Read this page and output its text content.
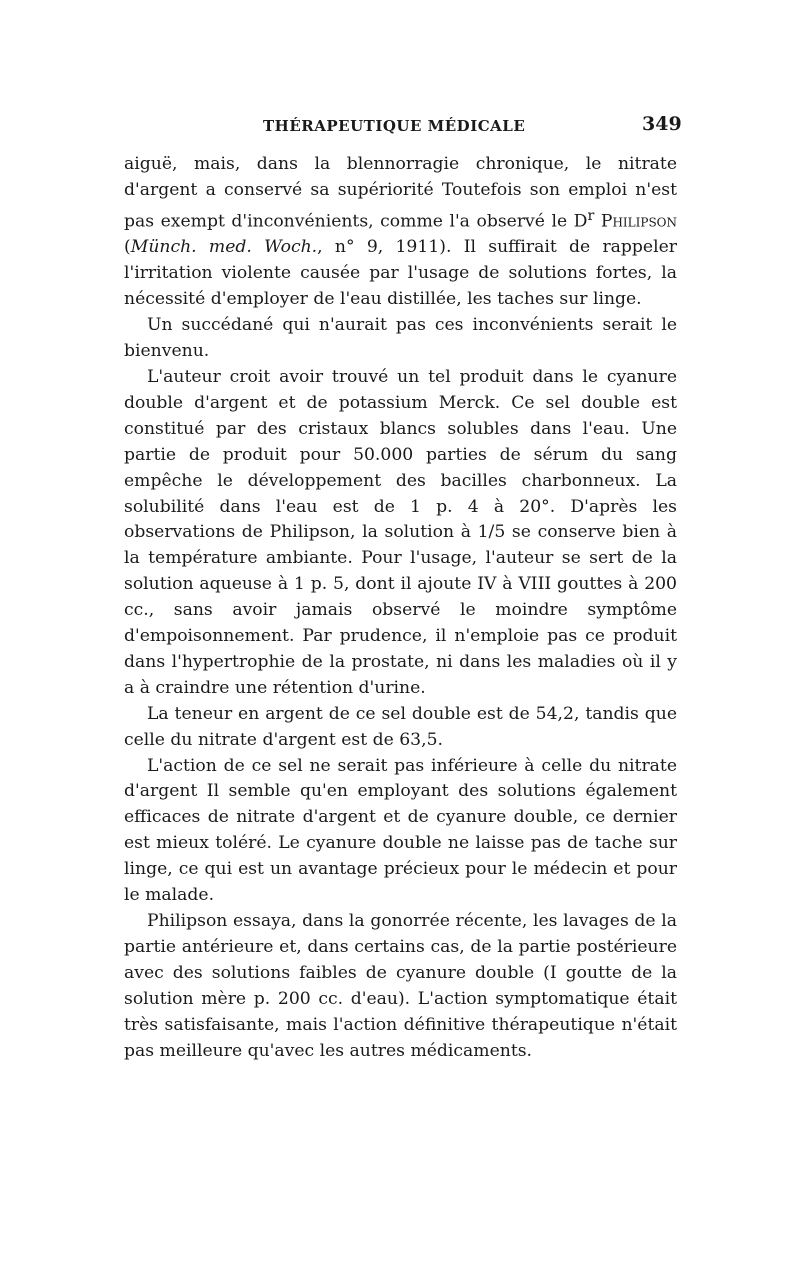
THÉRAPEUTIQUE MÉDICALE	349

aiguë, mais, dans la blennorragie chronique, le nitrate d'argent a conservé sa supériorité Toutefois son emploi n'est pas exempt d'inconvénients, comme l'a observé le $D^r$ Philipson (Münch. med. Woch., n° 9, 1911). Il suffirait de rappeler l'irritation violente causée par l'usage de solutions fortes, la nécessité d'employer de l'eau distillée, les taches sur linge.

Un succédané qui n'aurait pas ces inconvénients serait le bienvenu.

L'auteur croit avoir trouvé un tel produit dans le cyanure double d'argent et de potassium Merck. Ce sel double est constitué par des cristaux blancs solubles dans l'eau. Une partie de produit pour 50.000 parties de sérum du sang empêche le développement des bacilles charbonneux. La solubilité dans l'eau est de 1 p. 4 à 20°. D'après les observations de Philipson, la solution à 1/5 se conserve bien à la température ambiante. Pour l'usage, l'auteur se sert de la solution aqueuse à 1 p. 5, dont il ajoute IV à VIII gouttes à 200 cc., sans avoir jamais observé le moindre symptôme d'empoisonnement. Par prudence, il n'emploie pas ce produit dans l'hypertrophie de la prostate, ni dans les maladies où il y a à craindre une rétention d'urine.

La teneur en argent de ce sel double est de 54,2, tandis que celle du nitrate d'argent est de 63,5.

L'action de ce sel ne serait pas inférieure à celle du nitrate d'argent Il semble qu'en employant des solutions également efficaces de nitrate d'argent et de cyanure double, ce dernier est mieux toléré. Le cyanure double ne laisse pas de tache sur linge, ce qui est un avantage précieux pour le médecin et pour le malade.

Philipson essaya, dans la gonorrée récente, les lavages de la partie antérieure et, dans certains cas, de la partie postérieure avec des solutions faibles de cyanure double (I goutte de la solution mère p. 200 cc. d'eau). L'action symptomatique était très satisfaisante, mais l'action définitive thérapeutique n'était pas meilleure qu'avec les autres médicaments.
